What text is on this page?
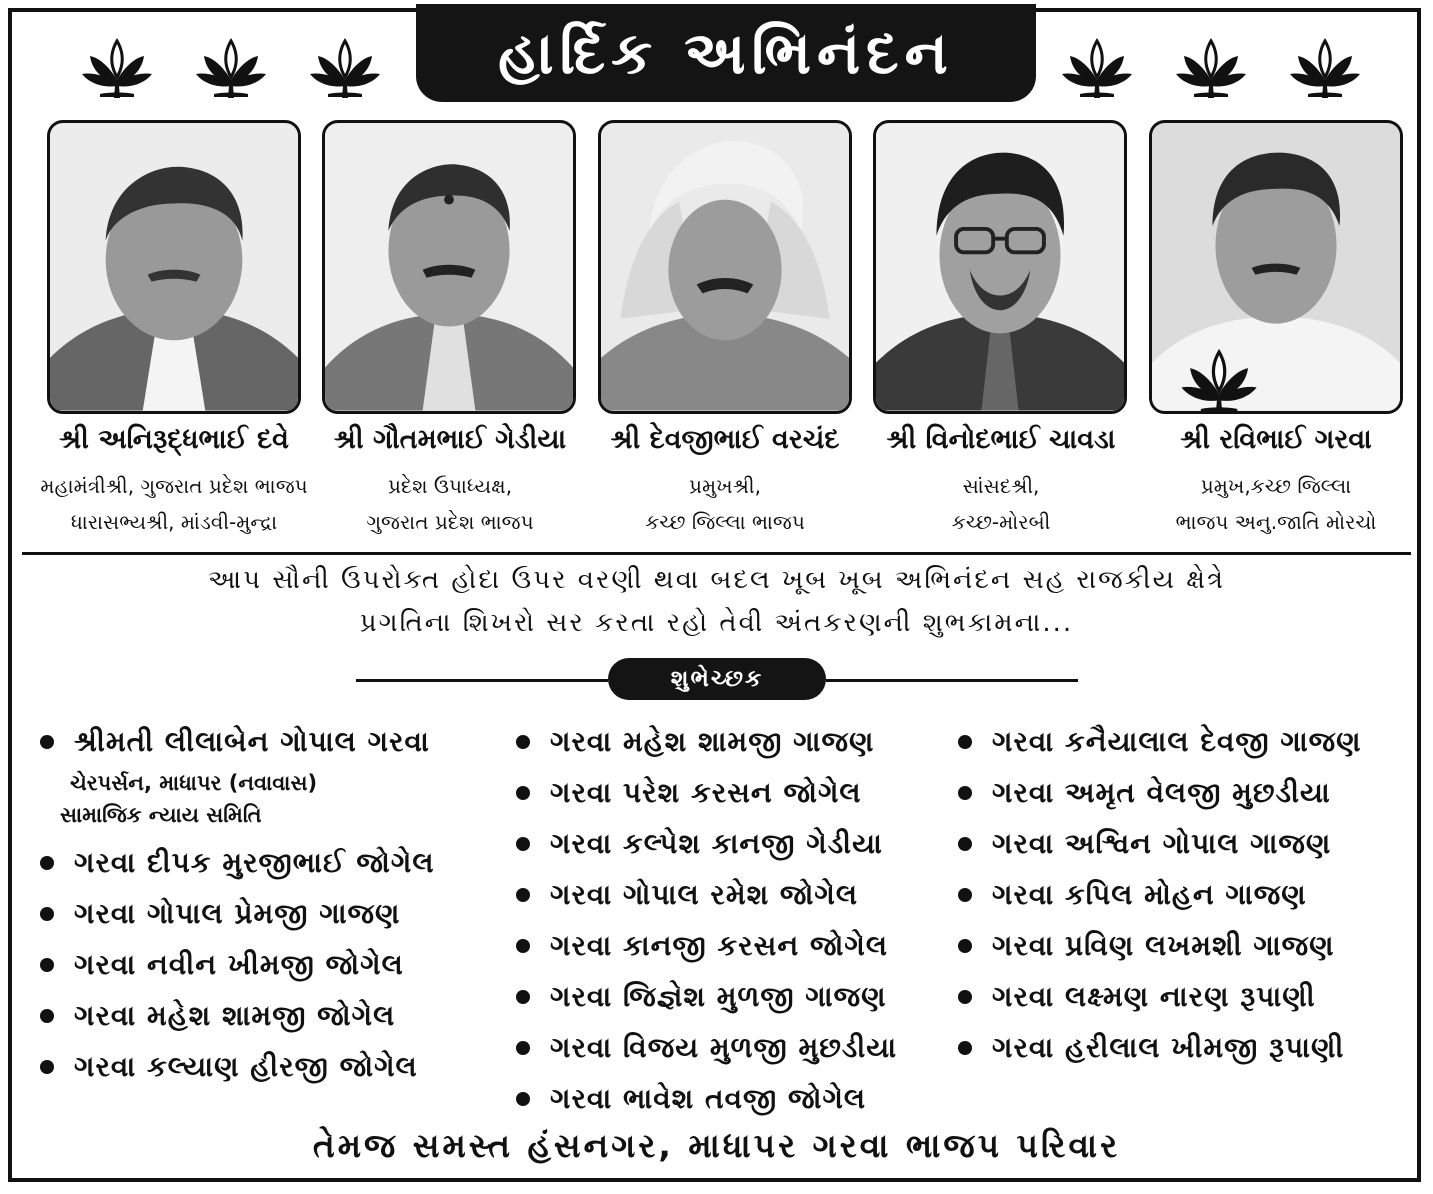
હાર્દિક અભિનંદન
શ્રી અનિરૂદ્ધભાઈ દવે	શ્રી ગૌતમભાઈ ગેડીયા	શ્રી દેવજીભાઈ વરચંદ	શ્રી વિનોદભાઈ ચાવડા	શ્રી રવિભાઈ ગરવા
મહામંત્રીશ્રી, ગુજરાત પ્રદેશ ભાજપ
ધારાસભ્યશ્રી, માંડવી-મુન્દ્રા
પ્રદેશ ઉપાધ્યક્ષ,
ગુજરાત પ્રદેશ ભાજપ
પ્રમુખશ્રી,
કચ્છ જિલ્લા ભાજપ
સાંસદશ્રી,
કચ્છ-મોરબી
પ્રમુખ,કચ્છ જિલ્લા
ભાજપ અનુ.જાતિ મોરચો
આપ સૌની ઉપરોક્ત હોદા ઉપર વરણી થવા બદલ ખૂબ ખૂબ અભિનંદન સહ રાજકીય ક્ષેત્રે
પ્રગતિના શિખરો સર કરતા રહો તેવી અંતકરણની શુભકામના...
શુભેચ્છક
શ્રીમતી લીલાબેન ગોપાલ ગરવા
ચેરપર્સન, માધાપર (નવાવાસ)
સામાજિક ન્યાય સમિતિ
ગરવા દીપક મુરજીભાઈ જોગેલ
ગરવા ગોપાલ પ્રેમજી ગાજણ
ગરવા નવીન ખીમજી જોગેલ
ગરવા મહેશ શામજી જોગેલ
ગરવા કલ્યાણ હીરજી જોગેલ
ગરવા મહેશ શામજી ગાજણ
ગરવા પરેશ કરસન જોગેલ
ગરવા કલ્પેશ કાનજી ગેડીયા
ગરવા ગોપાલ રમેશ જોગેલ
ગરવા કાનજી કરસન જોગેલ
ગરવા જિજ્ઞેશ મુળજી ગાજણ
ગરવા વિજય મુળજી મુછડીયા
ગરવા ભાવેશ તવજી જોગેલ
ગરવા કનૈયાલાલ દેવજી ગાજણ
ગરવા અમૃત વેલજી મુછડીયા
ગરવા અશ્વિન ગોપાલ ગાજણ
ગરવા કપિલ મોહન ગાજણ
ગરવા પ્રવિણ લખમશી ગાજણ
ગરવા લક્ષ્મણ નારણ રૂપાણી
ગરવા હરીલાલ ખીમજી રૂપાણી
તેમજ સમસ્ત હંસનગર, માધાપર ગરવા ભાજપ પરિવાર
